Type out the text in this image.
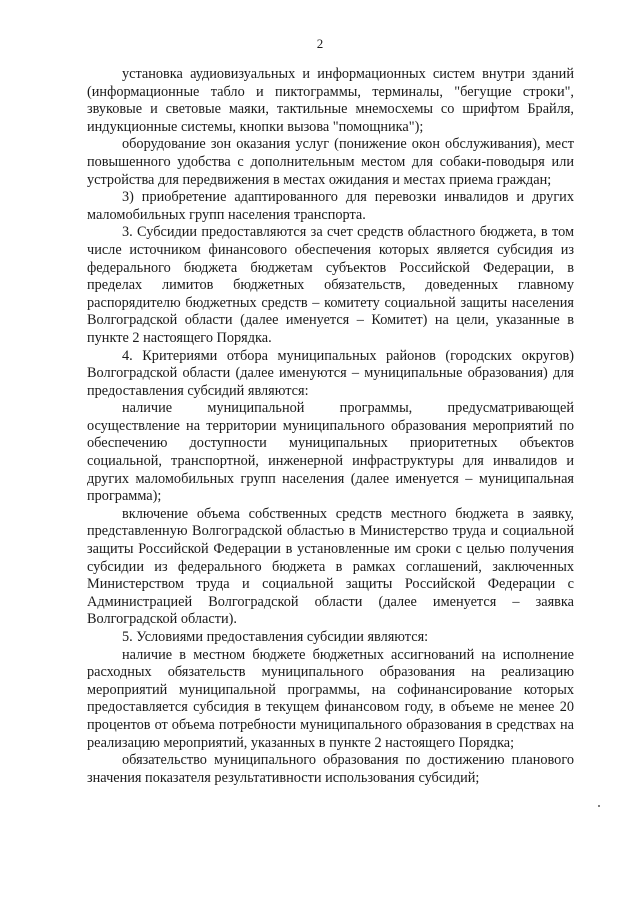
2

установка аудиовизуальных и информационных систем внутри зданий (информационные табло и пиктограммы, терминалы, "бегущие строки", звуковые и световые маяки, тактильные мнемосхемы со шрифтом Брайля, индукционные системы, кнопки вызова "помощника");

оборудование зон оказания услуг (понижение окон обслуживания), мест повышенного удобства с дополнительным местом для собаки-поводыря или устройства для передвижения в местах ожидания и местах приема граждан;

3) приобретение адаптированного для перевозки инвалидов и других маломобильных групп населения транспорта.

3. Субсидии предоставляются за счет средств областного бюджета, в том числе источником финансового обеспечения которых является субсидия из федерального бюджета бюджетам субъектов Российской Федерации, в пределах лимитов бюджетных обязательств, доведенных главному распорядителю бюджетных средств – комитету социальной защиты населения Волгоградской области (далее именуется – Комитет) на цели, указанные в пункте 2 настоящего Порядка.

4. Критериями отбора муниципальных районов (городских округов) Волгоградской области (далее именуются – муниципальные образования) для предоставления субсидий являются:

наличие муниципальной программы, предусматривающей осуществление на территории муниципального образования мероприятий по обеспечению доступности муниципальных приоритетных объектов социальной, транспортной, инженерной инфраструктуры для инвалидов и других маломобильных групп населения (далее именуется – муниципальная программа);

включение объема собственных средств местного бюджета в заявку, представленную Волгоградской областью в Министерство труда и социальной защиты Российской Федерации в установленные им сроки с целью получения субсидии из федерального бюджета в рамках соглашений, заключенных Министерством труда и социальной защиты Российской Федерации с Администрацией Волгоградской области (далее именуется – заявка Волгоградской области).

5. Условиями предоставления субсидии являются:

наличие в местном бюджете бюджетных ассигнований на исполнение расходных обязательств муниципального образования на реализацию мероприятий муниципальной программы, на софинансирование которых предоставляется субсидия в текущем финансовом году, в объеме не менее 20 процентов от объема потребности муниципального образования в средствах на реализацию мероприятий, указанных в пункте 2 настоящего Порядка;

обязательство муниципального образования по достижению планового значения показателя результативности использования субсидий;
